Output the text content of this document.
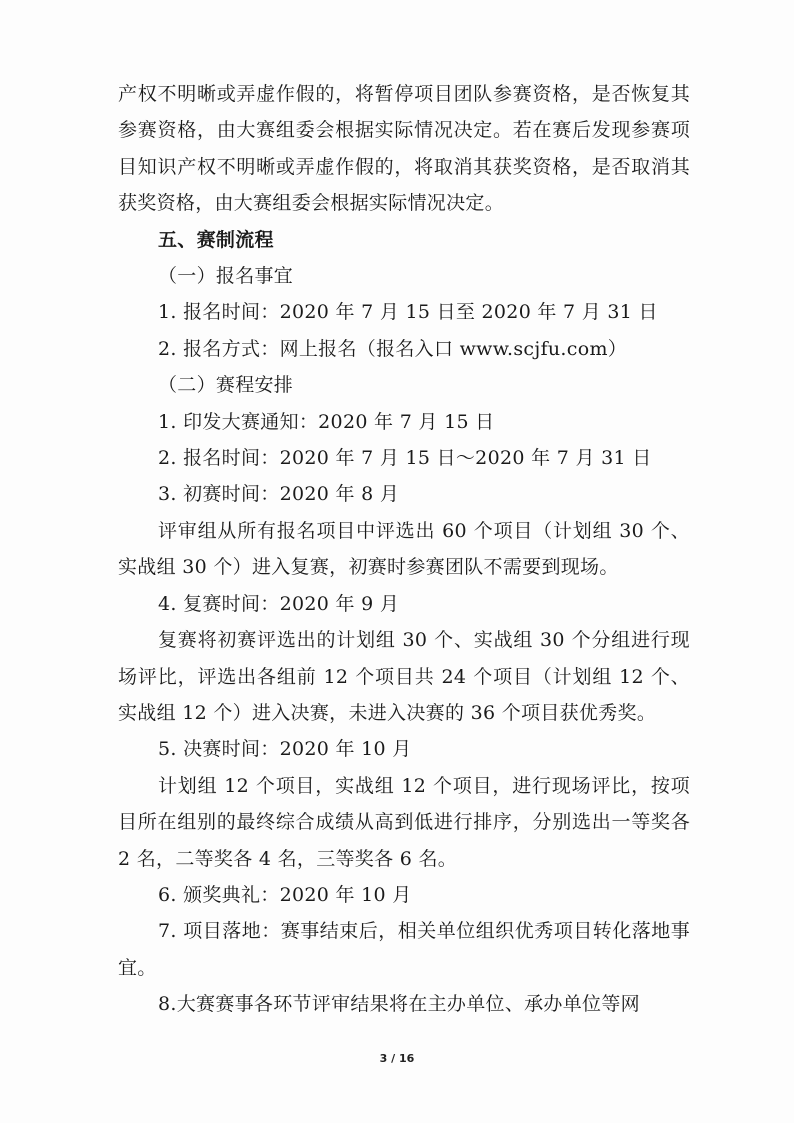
产权不明晰或弄虚作假的，将暂停项目团队参赛资格，是否恢复其参赛资格，由大赛组委会根据实际情况决定。若在赛后发现参赛项目知识产权不明晰或弄虚作假的，将取消其获奖资格，是否取消其获奖资格，由大赛组委会根据实际情况决定。

五、赛制流程

（一）报名事宜

1. 报名时间：2020 年 7 月 15 日至 2020 年 7 月 31 日

2. 报名方式：网上报名（报名入口 www.scjfu.com）

（二）赛程安排

1. 印发大赛通知：2020 年 7 月 15 日

2. 报名时间：2020 年 7 月 15 日～2020 年 7 月 31 日

3. 初赛时间：2020 年 8 月

评审组从所有报名项目中评选出 60 个项目（计划组 30 个、实战组 30 个）进入复赛，初赛时参赛团队不需要到现场。

4. 复赛时间：2020 年 9 月

复赛将初赛评选出的计划组 30 个、实战组 30 个分组进行现场评比，评选出各组前 12 个项目共 24 个项目（计划组 12 个、实战组 12 个）进入决赛，未进入决赛的 36 个项目获优秀奖。

5. 决赛时间：2020 年 10 月

计划组 12 个项目，实战组 12 个项目，进行现场评比，按项目所在组别的最终综合成绩从高到低进行排序，分别选出一等奖各 2 名，二等奖各 4 名，三等奖各 6 名。

6. 颁奖典礼：2020 年 10 月

7. 项目落地：赛事结束后，相关单位组织优秀项目转化落地事宜。

8.大赛赛事各环节评审结果将在主办单位、承办单位等网

3 / 16
